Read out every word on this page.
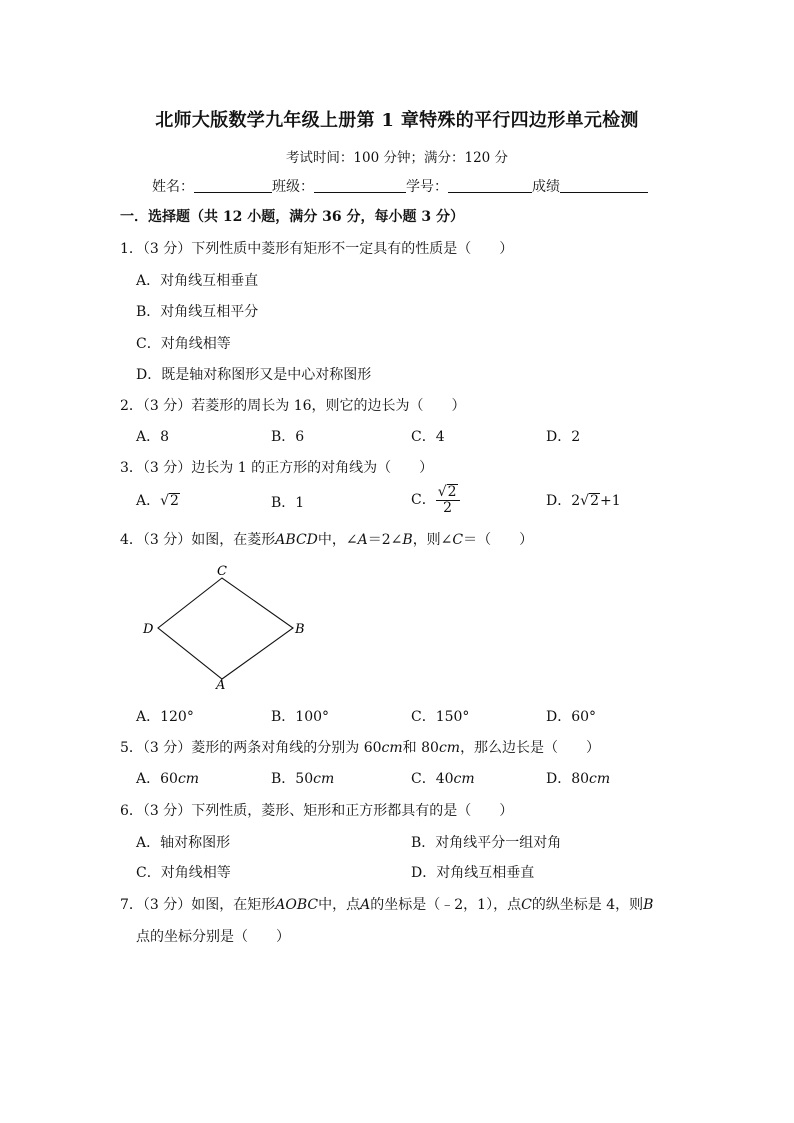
北师大版数学九年级上册第 1 章特殊的平行四边形单元检测
考试时间：100 分钟；满分：120 分
姓名：	班级：	学号：	成绩
一．选择题（共 12 小题，满分 36 分，每小题 3 分）
1．（3 分）下列性质中菱形有矩形不一定具有的性质是（　　）
A．对角线互相垂直
B．对角线互相平分
C．对角线相等
D．既是轴对称图形又是中心对称图形
2．（3 分）若菱形的周长为 16，则它的边长为（　　）
A．8	B．6	C．4	D．2
3．（3 分）边长为 1 的正方形的对角线为（　　）
A．√ 2	B．1	C． $\frac{√ 2}{2}$	D．2√ 2 +1
4．（3 分）如图，在菱形ABCD中，∠A＝2∠B，则∠C＝（　　）
C
D	B
A
A．120°	B．100°	C．150°	D．60°
5．（3 分）菱形的两条对角线的分别为 60cm和 80cm，那么边长是（　　）
A．60cm	B．50cm	C．40cm	D．80cm
6．（3 分）下列性质，菱形、矩形和正方形都具有的是（　　）
A．轴对称图形	B．对角线平分一组对角
C．对角线相等	D．对角线互相垂直
7．（3 分）如图，在矩形AOBC中，点A的坐标是（﹣2，1），点C的纵坐标是 4，则B
点的坐标分别是（　　）
